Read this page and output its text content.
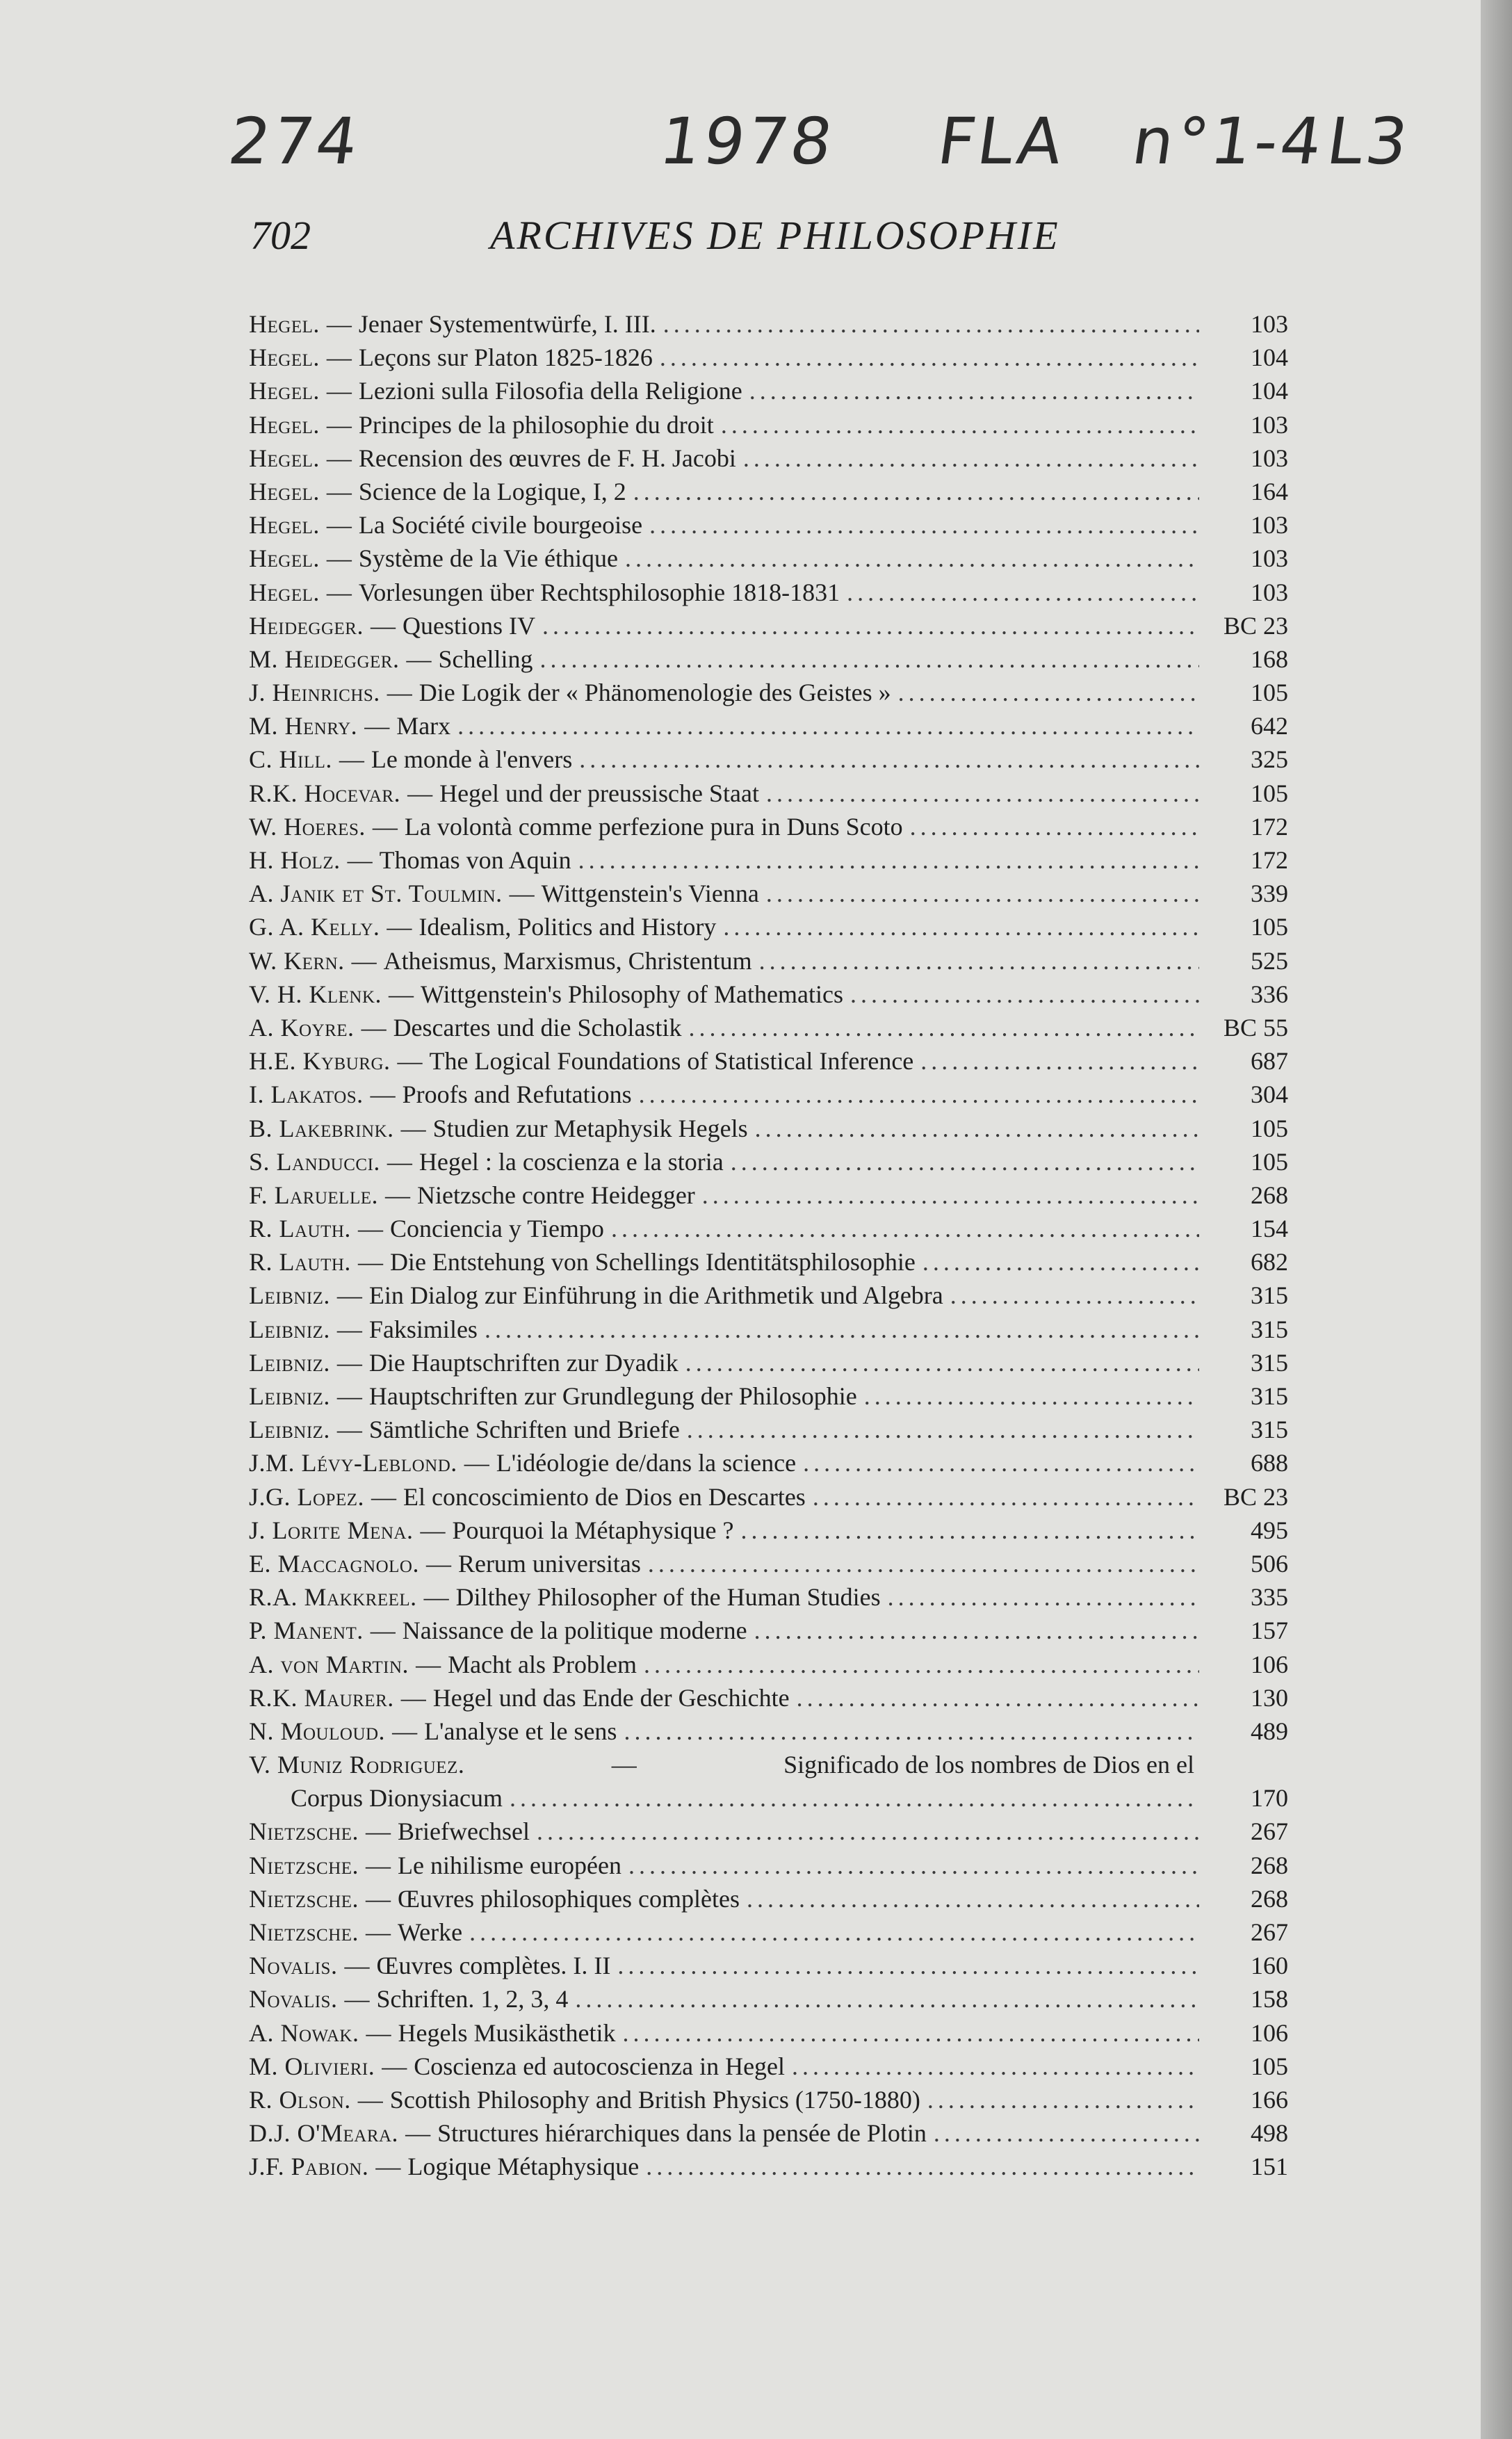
274	1978 FLA n°1-4
L3
702	ARCHIVES DE PHILOSOPHIE
Hegel. — Jenaer Systementwürfe, I. III. .....	103
Hegel. — Leçons sur Platon 1825-1826 .....	104
Hegel. — Lezioni sulla Filosofia della Religione .....	104
Hegel. — Principes de la philosophie du droit .....	103
Hegel. — Recension des œuvres de F. H. Jacobi .....	103
Hegel. — Science de la Logique, I, 2 .....	164
Hegel. — La Société civile bourgeoise .....	103
Hegel. — Système de la Vie éthique .....	103
Hegel. — Vorlesungen über Rechtsphilosophie 1818-1831 .....	103
Heidegger. — Questions IV .....	BC 23
M. Heidegger. — Schelling .....	168
J. Heinrichs. — Die Logik der « Phänomenologie des Geistes » .....	105
M. Henry. — Marx .....	642
C. Hill. — Le monde à l'envers .....	325
R.K. Hocevar. — Hegel und der preussische Staat .....	105
W. Hoeres. — La volontà comme perfezione pura in Duns Scoto .....	172
H. Holz. — Thomas von Aquin .....	172
A. Janik et St. Toulmin. — Wittgenstein's Vienna .....	339
G. A. Kelly. — Idealism, Politics and History .....	105
W. Kern. — Atheismus, Marxismus, Christentum .....	525
V. H. Klenk. — Wittgenstein's Philosophy of Mathematics .....	336
A. Koyre. — Descartes und die Scholastik .....	BC 55
H.E. Kyburg. — The Logical Foundations of Statistical Inference .....	687
I. Lakatos. — Proofs and Refutations .....	304
B. Lakebrink. — Studien zur Metaphysik Hegels .....	105
S. Landucci. — Hegel : la coscienza e la storia .....	105
F. Laruelle. — Nietzsche contre Heidegger .....	268
R. Lauth. — Conciencia y Tiempo .....	154
R. Lauth. — Die Entstehung von Schellings Identitätsphilosophie .....	682
Leibniz. — Ein Dialog zur Einführung in die Arithmetik und Algebra .....	315
Leibniz. — Faksimiles .....	315
Leibniz. — Die Hauptschriften zur Dyadik .....	315
Leibniz. — Hauptschriften zur Grundlegung der Philosophie .....	315
Leibniz. — Sämtliche Schriften und Briefe .....	315
J.M. Lévy-Leblond. — L'idéologie de/dans la science .....	688
J.G. Lopez. — El concoscimiento de Dios en Descartes .....	BC 23
J. Lorite Mena. — Pourquoi la Métaphysique ? .....	495
E. Maccagnolo. — Rerum universitas .....	506
R.A. Makkreel. — Dilthey Philosopher of the Human Studies .....	335
P. Manent. — Naissance de la politique moderne .....	157
A. von Martin. — Macht als Problem .....	106
R.K. Maurer. — Hegel und das Ende der Geschichte .....	130
N. Mouloud. — L'analyse et le sens .....	489
V. Muniz Rodriguez.	—	Significado de los nombres de Dios en el
Corpus Dionysiacum .....	170
Nietzsche. — Briefwechsel .....	267
Nietzsche. — Le nihilisme européen .....	268
Nietzsche. — Œuvres philosophiques complètes .....	268
Nietzsche. — Werke .....	267
Novalis. — Œuvres complètes. I. II .....	160
Novalis. — Schriften. 1, 2, 3, 4 .....	158
A. Nowak. — Hegels Musikästhetik .....	106
M. Olivieri. — Coscienza ed autocoscienza in Hegel .....	105
R. Olson. — Scottish Philosophy and British Physics (1750-1880) .....	166
D.J. O'Meara. — Structures hiérarchiques dans la pensée de Plotin .....	498
J.F. Pabion. — Logique Métaphysique .....	151
